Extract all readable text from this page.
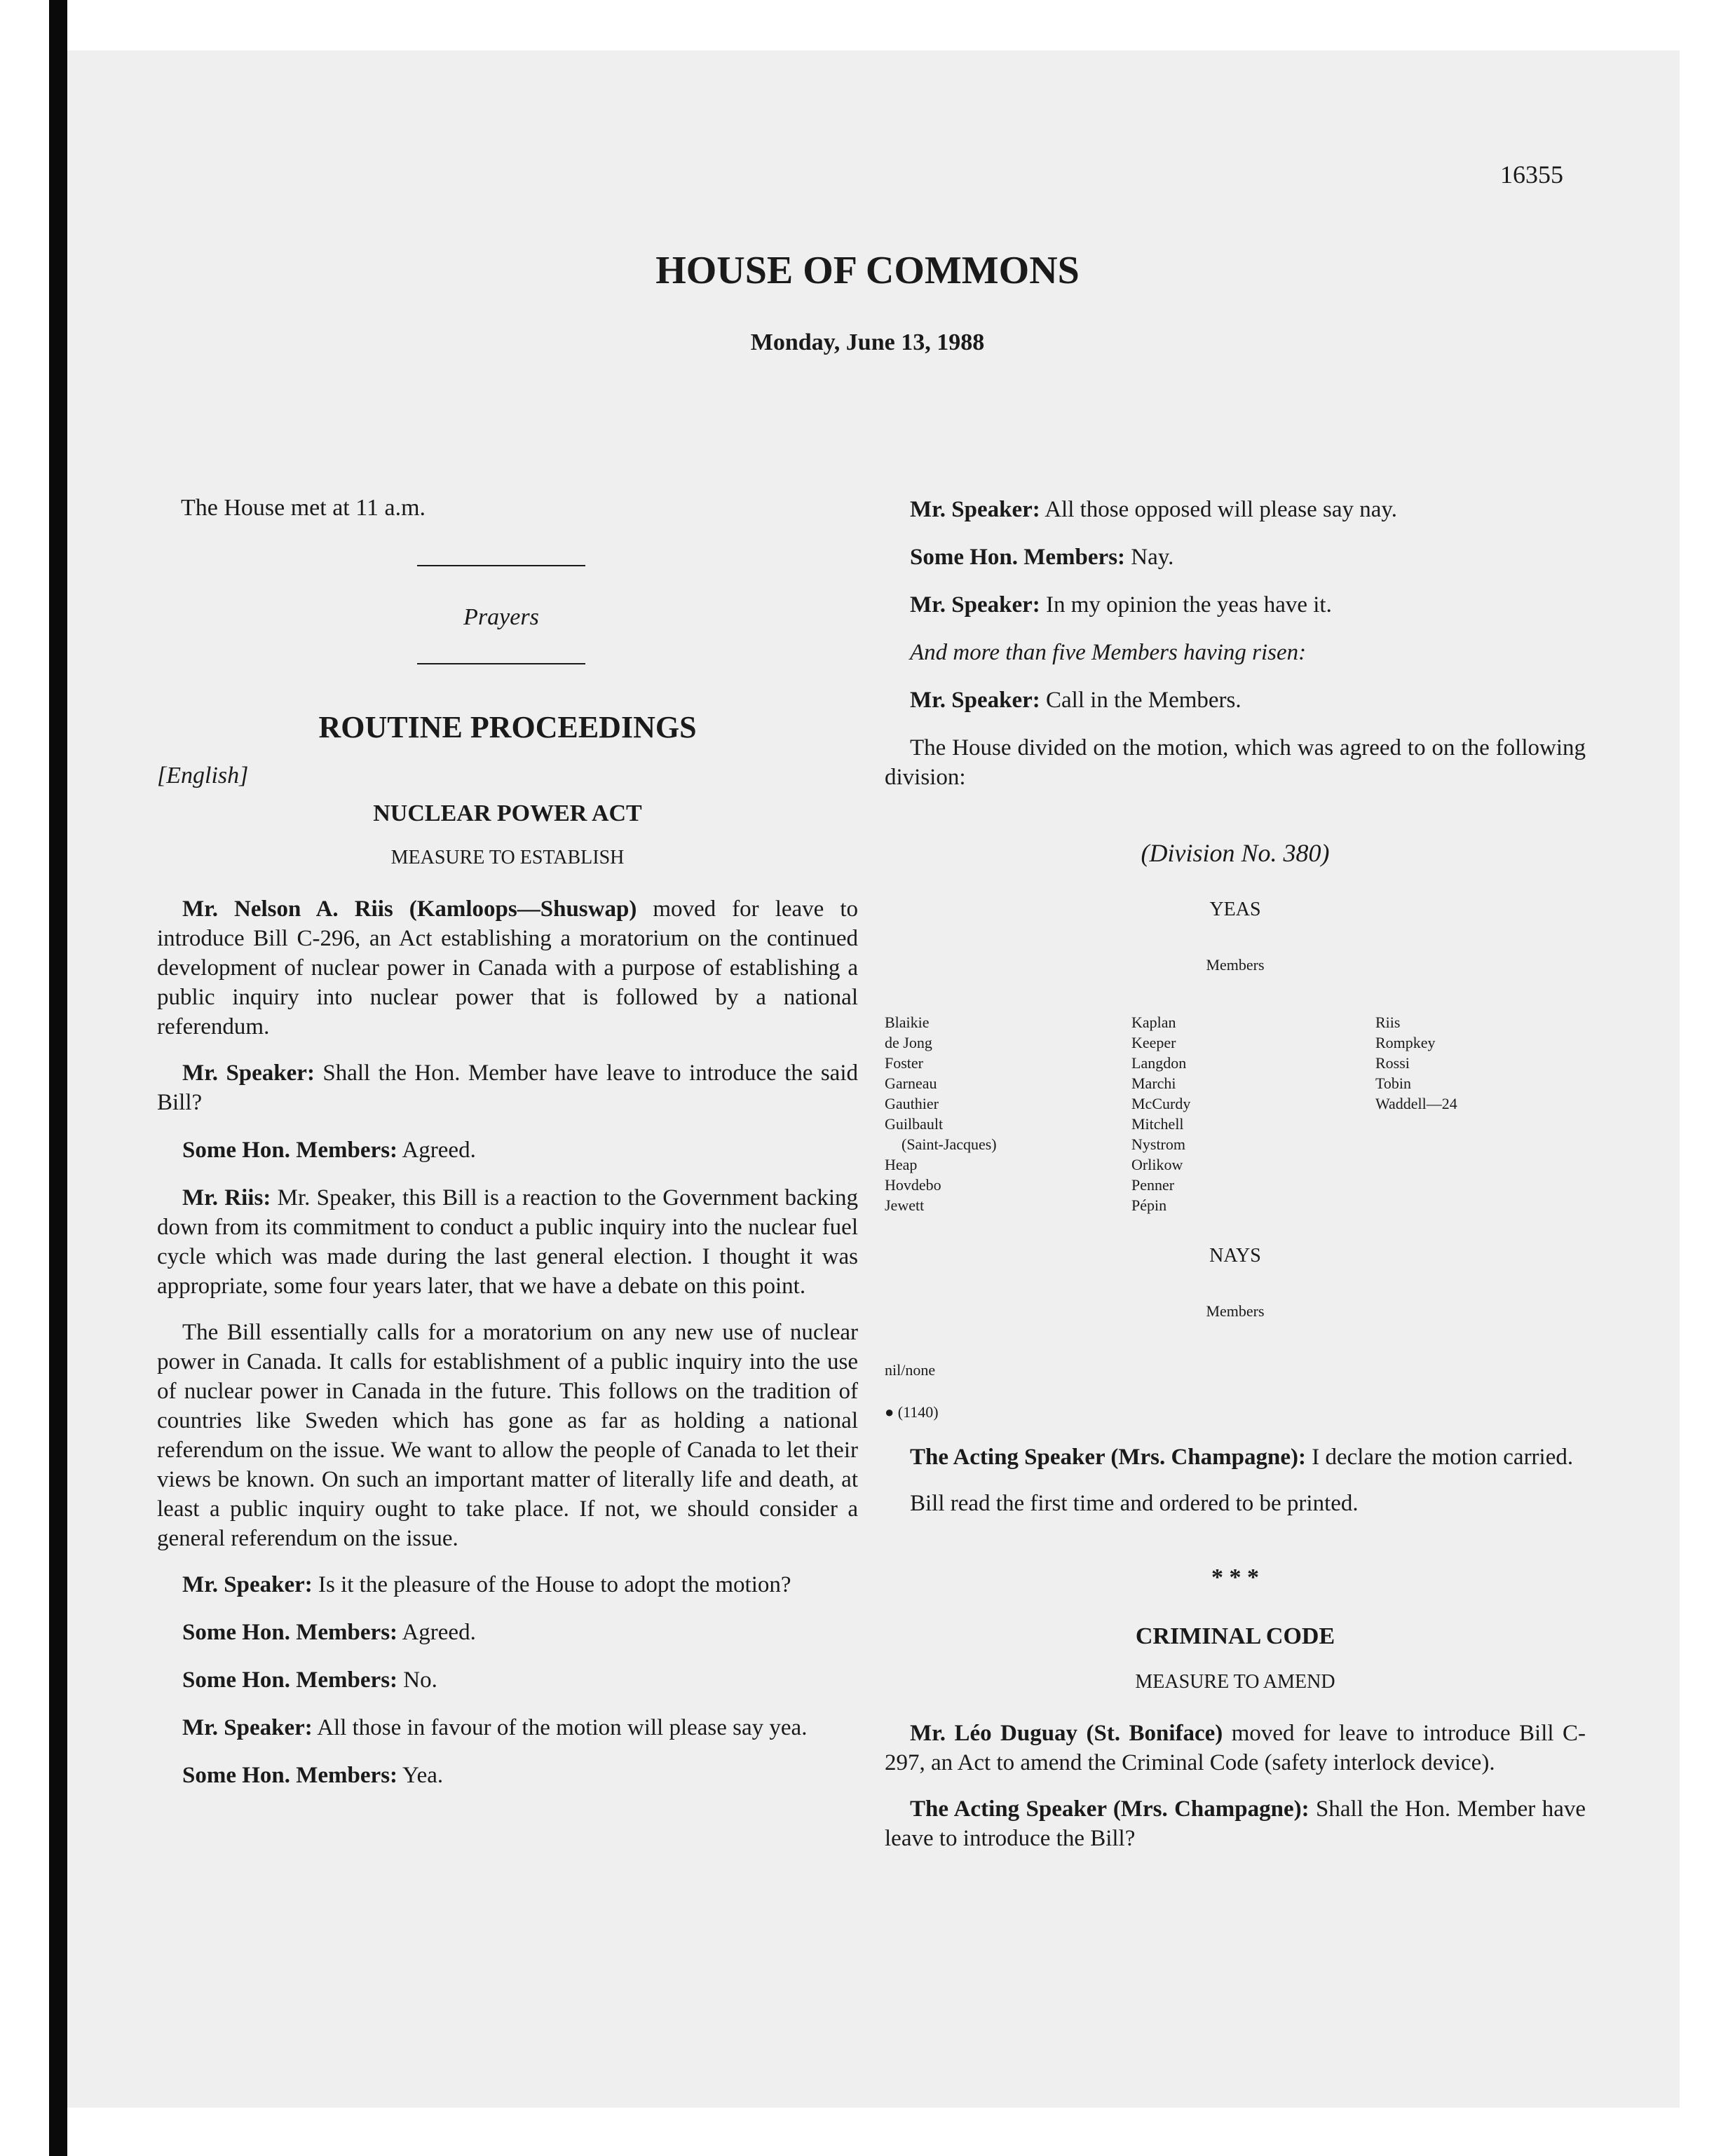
16355
HOUSE OF COMMONS
Monday, June 13, 1988
The House met at 11 a.m.
Prayers
ROUTINE PROCEEDINGS
[English]
NUCLEAR POWER ACT
MEASURE TO ESTABLISH

Mr. Nelson A. Riis (Kamloops—Shuswap) moved for leave to introduce Bill C-296, an Act establishing a moratorium on the continued development of nuclear power in Canada with a purpose of establishing a public inquiry into nuclear power that is followed by a national referendum.

Mr. Speaker: Shall the Hon. Member have leave to introduce the said Bill?

Some Hon. Members: Agreed.

Mr. Riis: Mr. Speaker, this Bill is a reaction to the Government backing down from its commitment to conduct a public inquiry into the nuclear fuel cycle which was made during the last general election. I thought it was appropriate, some four years later, that we have a debate on this point.

The Bill essentially calls for a moratorium on any new use of nuclear power in Canada. It calls for establishment of a public inquiry into the use of nuclear power in Canada in the future. This follows on the tradition of countries like Sweden which has gone as far as holding a national referendum on the issue. We want to allow the people of Canada to let their views be known. On such an important matter of literally life and death, at least a public inquiry ought to take place. If not, we should consider a general referendum on the issue.

Mr. Speaker: Is it the pleasure of the House to adopt the motion?

Some Hon. Members: Agreed.

Some Hon. Members: No.

Mr. Speaker: All those in favour of the motion will please say yea.

Some Hon. Members: Yea.

Mr. Speaker: All those opposed will please say nay.

Some Hon. Members: Nay.

Mr. Speaker: In my opinion the yeas have it.

And more than five Members having risen:

Mr. Speaker: Call in the Members.

The House divided on the motion, which was agreed to on the following division:

(Division No. 380)
YEAS
Members
Blaikie
de Jong
Foster
Garneau
Gauthier
Guilbault
(Saint-Jacques)
Heap
Hovdebo
Jewett
Kaplan
Keeper
Langdon
Marchi
McCurdy
Mitchell
Nystrom
Orlikow
Penner
Pépin
Riis
Rompkey
Rossi
Tobin
Waddell—24
NAYS
Members
nil/none
● (1140)

The Acting Speaker (Mrs. Champagne): I declare the motion carried.

Bill read the first time and ordered to be printed.

* * *
CRIMINAL CODE
MEASURE TO AMEND

Mr. Léo Duguay (St. Boniface) moved for leave to introduce Bill C-297, an Act to amend the Criminal Code (safety interlock device).

The Acting Speaker (Mrs. Champagne): Shall the Hon. Member have leave to introduce the Bill?
